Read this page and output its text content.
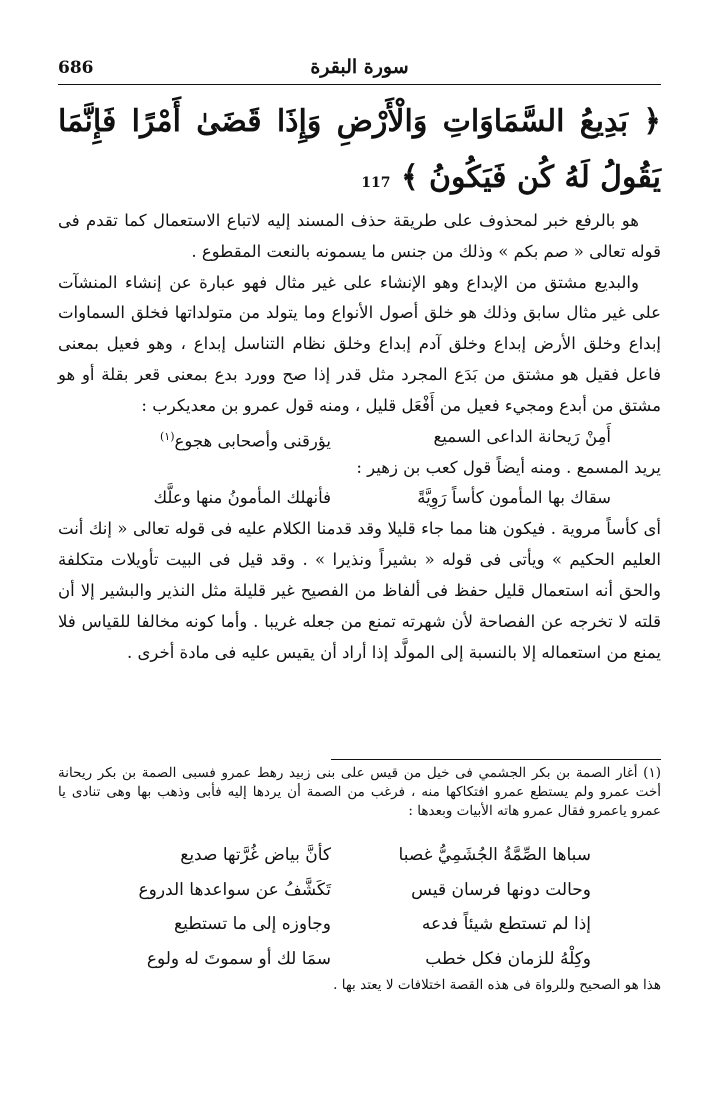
686	سورة البقرة
﴿ بَدِيعُ السَّمَاوَاتِ وَالْأَرْضِ وَإِذَا قَضَىٰ أَمْرًا فَإِنَّمَا يَقُولُ لَهُ كُن فَيَكُونُ ﴾ 117

هو بالرفع خبر لمحذوف على طريقة حذف المسند إليه لاتباع الاستعمال كما تقدم فى قوله تعالى « صم بكم » وذلك من جنس ما يسمونه بالنعت المقطوع .

والبديع مشتق من الإبداع وهو الإنشاء على غير مثال فهو عبارة عن إنشاء المنشآت على غير مثال سابق وذلك هو خلق أصول الأنواع وما يتولد من متولداتها فخلق السماوات إبداع وخلق الأرض إبداع وخلق آدم إبداع وخلق نظام التناسل إبداع ، وهو فعيل بمعنى فاعل فقيل هو مشتق من بَدَع المجرد مثل قدر إذا صح وورد بدع بمعنى قعر بقلة أو هو مشتق من أبدع ومجيء فعيل من أَفْعَل قليل ، ومنه قول عمرو بن معديكرب :

أَمِنْ رَيحانة الداعى السميع
يؤرقنى وأصحابى هجوع$^{(١)}$

يريد المسمع . ومنه أيضاً قول كعب بن زهير :

سقاك بها المأمون كأساً رَوِيَّةً
فأنهلك المأمونُ منها وعلَّك

أى كأساً مروية . فيكون هنا مما جاء قليلا وقد قدمنا الكلام عليه فى قوله تعالى « إنك أنت العليم الحكيم » ويأتى فى قوله « بشيراً ونذيرا » . وقد قيل فى البيت تأويلات متكلفة والحق أنه استعمال قليل حفظ فى ألفاظ من الفصيح غير قليلة مثل النذير والبشير إلا أن قلته لا تخرجه عن الفصاحة لأن شهرته تمنع من جعله غريبا . وأما كونه مخالفا للقياس فلا يمنع من استعماله إلا بالنسبة إلى المولَّد إذا أراد أن يقيس عليه فى مادة أخرى .

(١) أغار الصمة بن بكر الجشمي فى خيل من قيس على بنى زبيد رهط عمرو فسبى الصمة بن بكر ريحانة أخت عمرو ولم يستطع عمرو افتكاكها منه ، فرغب من الصمة أن يردها إليه فأبى وذهب بها وهى تنادى يا عمرو ياعمرو فقال عمرو هاته الأبيات وبعدها :
سباها الصِّمَّةُ الجُشَمِيُّ غصبا
كأنَّ بياض غُرَّتها صديع
وحالت دونها فرسان قيس
تَكَشَّفُ عن سواعدها الدروع
إذا لم تستطع شيئاً فدعه
وجاوزه إلى ما تستطيع
وكِلْهُ للزمان فكل خطب
سمَا لك أو سموتَ له ولوع
هذا هو الصحيح وللرواة فى هذه القصة اختلافات لا يعتد بها .
